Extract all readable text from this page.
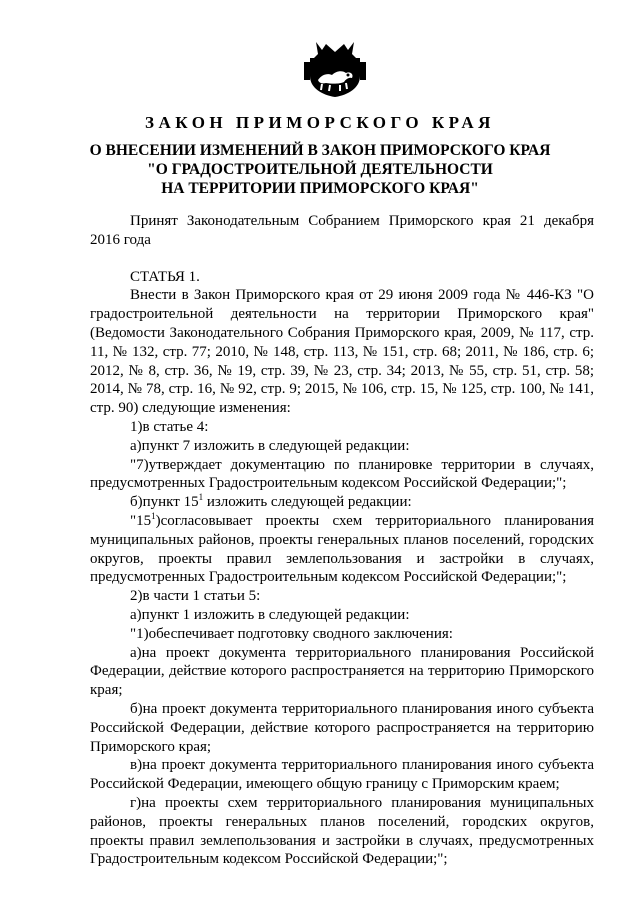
ЗАКОН ПРИМОРСКОГО КРАЯ
О ВНЕСЕНИИ ИЗМЕНЕНИЙ В ЗАКОН ПРИМОРСКОГО КРАЯ
"О ГРАДОСТРОИТЕЛЬНОЙ ДЕЯТЕЛЬНОСТИ
НА ТЕРРИТОРИИ ПРИМОРСКОГО КРАЯ"

Принят Законодательным Собранием Приморского края 21 декабря 2016 года

СТАТЬЯ 1.

Внести в Закон Приморского края от 29 июня 2009 года № 446-КЗ "О градостроительной деятельности на территории Приморского края" (Ведомости Законодательного Собрания Приморского края, 2009, № 117, стр. 11, № 132, стр. 77; 2010, № 148, стр. 113, № 151, стр. 68; 2011, № 186, стр. 6; 2012, № 8, стр. 36, № 19, стр. 39, № 23, стр. 34; 2013, № 55, стр. 51, стр. 58; 2014, № 78, стр. 16, № 92, стр. 9; 2015, № 106, стр. 15, № 125, стр. 100, № 141, стр. 90) следующие изменения:

1)в статье 4:

а)пункт 7 изложить в следующей редакции:

"7)утверждает документацию по планировке территории в случаях, предусмотренных Градостроительным кодексом Российской Федерации;";

б)пункт $15^1$ изложить следующей редакции:

"$15^1)согласовывает$ проекты схем территориального планирования муниципальных районов, проекты генеральных планов поселений, городских округов, проекты правил землепользования и застройки в случаях, предусмотренных Градостроительным кодексом Российской Федерации;";

2)в части 1 статьи 5:

а)пункт 1 изложить в следующей редакции:

"1)обеспечивает подготовку сводного заключения:

а)на проект документа территориального планирования Российской Федерации, действие которого распространяется на территорию Приморского края;

б)на проект документа территориального планирования иного субъекта Российской Федерации, действие которого распространяется на территорию Приморского края;

в)на проект документа территориального планирования иного субъекта Российской Федерации, имеющего общую границу с Приморским краем;

г)на проекты схем территориального планирования муниципальных районов, проекты генеральных планов поселений, городских округов, проекты правил землепользования и застройки в случаях, предусмотренных Градостроительным кодексом Российской Федерации;";
